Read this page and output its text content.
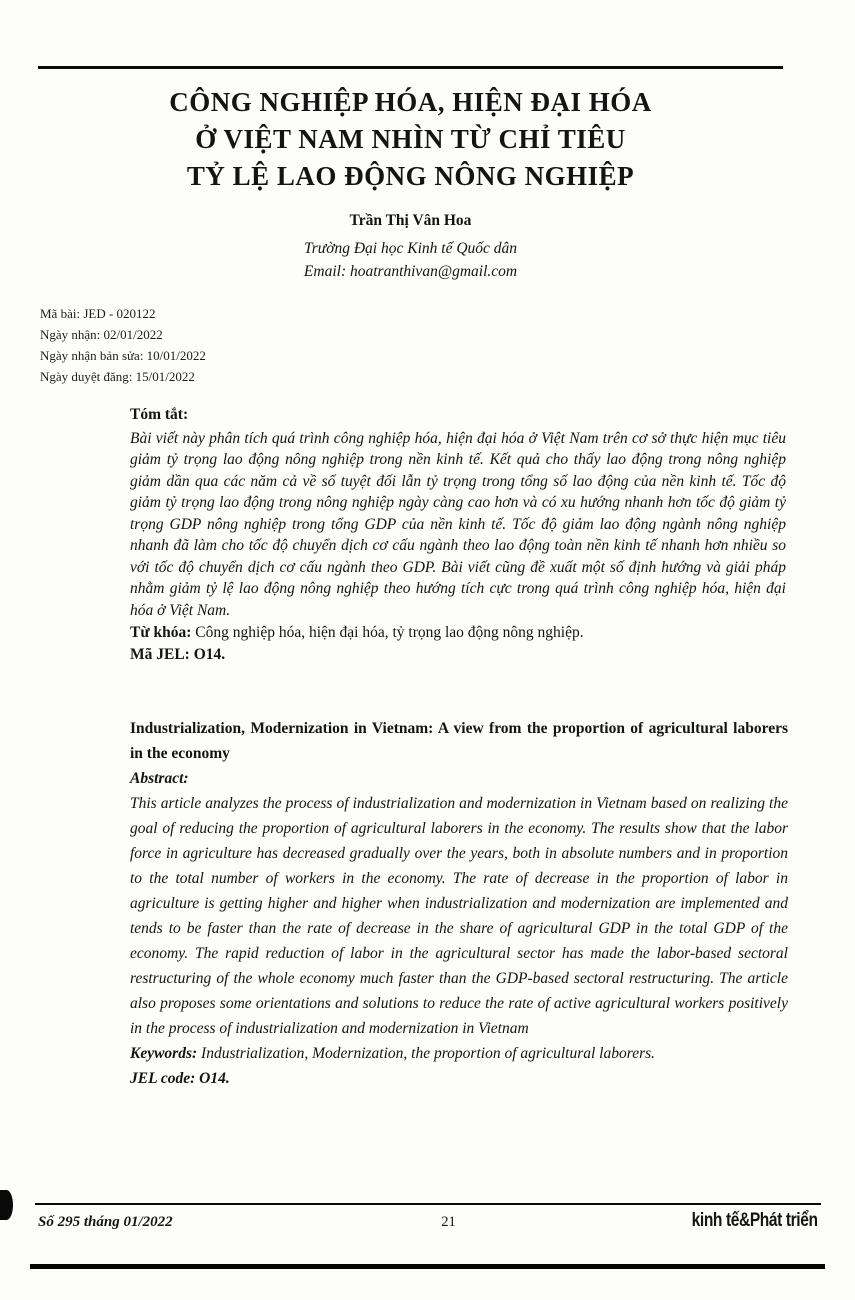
CÔNG NGHIỆP HÓA, HIỆN ĐẠI HÓA
Ở VIỆT NAM NHÌN TỪ CHỈ TIÊU
TỶ LỆ LAO ĐỘNG NÔNG NGHIỆP
Trần Thị Vân Hoa
Trường Đại học Kinh tế Quốc dân
Email: hoatranthivan@gmail.com
Mã bài: JED - 020122
Ngày nhận: 02/01/2022
Ngày nhận bản sửa: 10/01/2022
Ngày duyệt đăng: 15/01/2022
Tóm tắt:
Bài viết này phân tích quá trình công nghiệp hóa, hiện đại hóa ở Việt Nam trên cơ sở thực hiện mục tiêu giảm tỷ trọng lao động nông nghiệp trong nền kinh tế. Kết quả cho thấy lao động trong nông nghiệp giảm dần qua các năm cả về số tuyệt đối lẫn tỷ trọng trong tổng số lao động của nền kinh tế. Tốc độ giảm tỷ trọng lao động trong nông nghiệp ngày càng cao hơn và có xu hướng nhanh hơn tốc độ giảm tỷ trọng GDP nông nghiệp trong tổng GDP của nền kinh tế. Tốc độ giảm lao động ngành nông nghiệp nhanh đã làm cho tốc độ chuyển dịch cơ cấu ngành theo lao động toàn nền kinh tế nhanh hơn nhiều so với tốc độ chuyển dịch cơ cấu ngành theo GDP. Bài viết cũng đề xuất một số định hướng và giải pháp nhằm giảm tỷ lệ lao động nông nghiệp theo hướng tích cực trong quá trình công nghiệp hóa, hiện đại hóa ở Việt Nam.
Từ khóa: Công nghiệp hóa, hiện đại hóa, tỷ trọng lao động nông nghiệp.
Mã JEL: O14.
Industrialization, Modernization in Vietnam: A view from the proportion of agricultural laborers in the economy
Abstract:
This article analyzes the process of industrialization and modernization in Vietnam based on realizing the goal of reducing the proportion of agricultural laborers in the economy. The results show that the labor force in agriculture has decreased gradually over the years, both in absolute numbers and in proportion to the total number of workers in the economy. The rate of decrease in the proportion of labor in agriculture is getting higher and higher when industrialization and modernization are implemented and tends to be faster than the rate of decrease in the share of agricultural GDP in the total GDP of the economy. The rapid reduction of labor in the agricultural sector has made the labor-based sectoral restructuring of the whole economy much faster than the GDP-based sectoral restructuring. The article also proposes some orientations and solutions to reduce the rate of active agricultural workers positively in the process of industrialization and modernization in Vietnam
Keywords: Industrialization, Modernization, the proportion of agricultural laborers.
JEL code: O14.
Số 295 tháng 01/2022	21	kinh tế&Phát triển
